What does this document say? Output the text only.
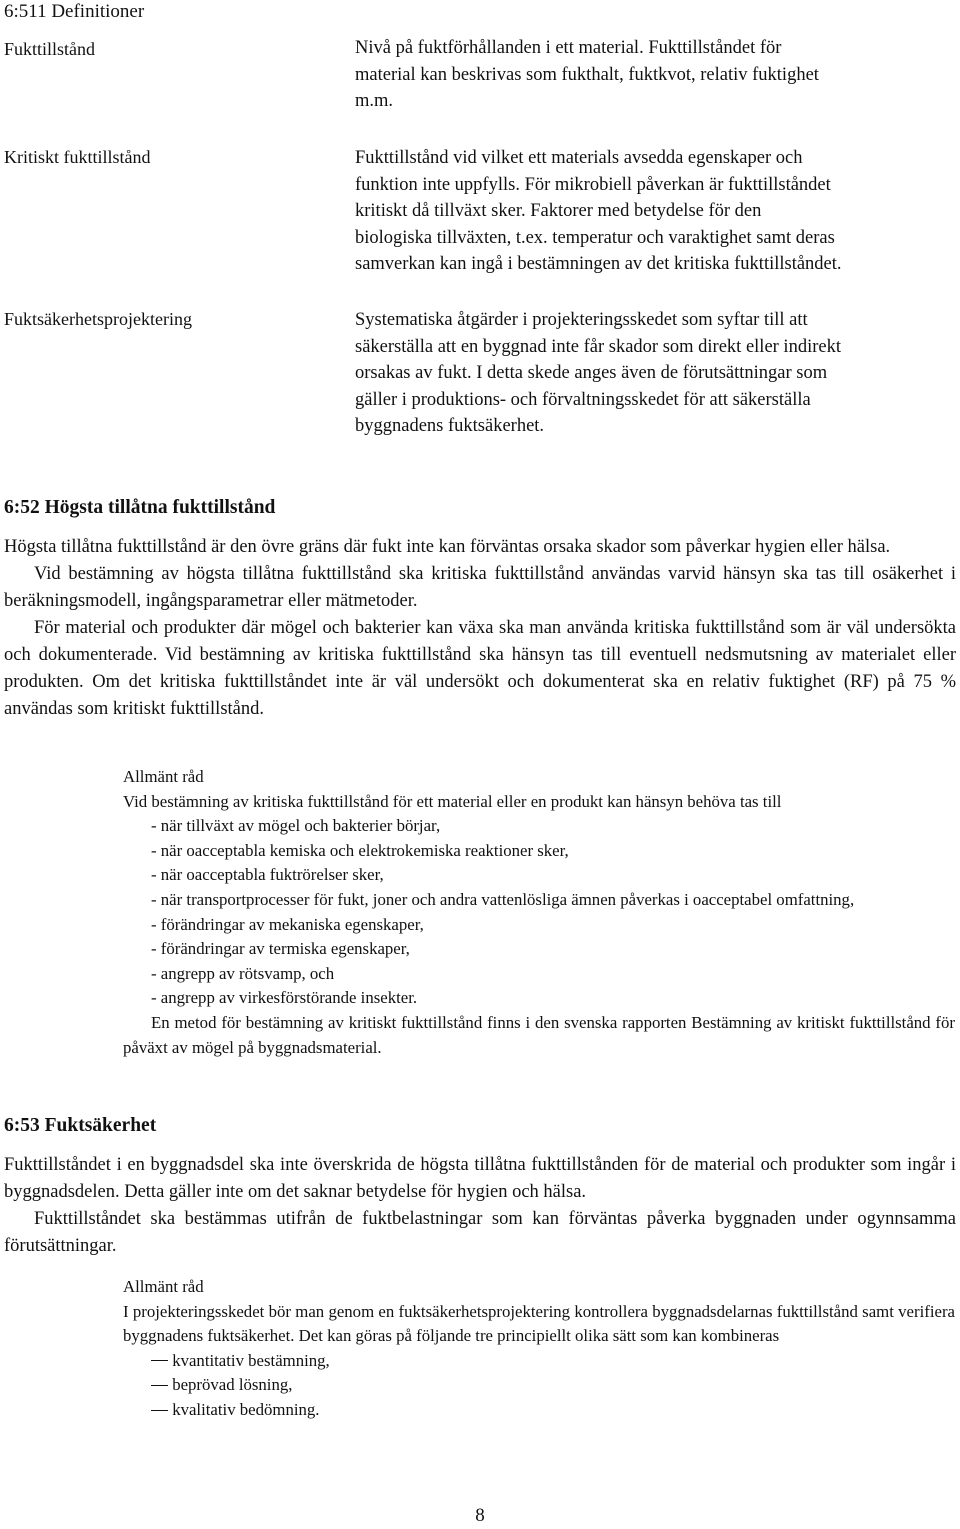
6:511 Definitioner
Fukttillstånd	Nivå på fuktförhållanden i ett material. Fukttillståndet för
material kan beskrivas som fukthalt, fuktkvot, relativ fuktighet
m.m.
Kritiskt fukttillstånd	Fukttillstånd vid vilket ett materials avsedda egenskaper och
funktion inte uppfylls. För mikrobiell påverkan är fukttillståndet
kritiskt då tillväxt sker. Faktorer med betydelse för den
biologiska tillväxten, t.ex. temperatur och varaktighet samt deras
samverkan kan ingå i bestämningen av det kritiska fukttillståndet.
Fuktsäkerhetsprojektering	Systematiska åtgärder i projekteringsskedet som syftar till att
säkerställa att en byggnad inte får skador som direkt eller indirekt
orsakas av fukt. I detta skede anges även de förutsättningar som
gäller i produktions- och förvaltningsskedet för att säkerställa
byggnadens fuktsäkerhet.
6:52 Högsta tillåtna fukttillstånd

Högsta tillåtna fukttillstånd är den övre gräns där fukt inte kan förväntas orsaka skador som påverkar hygien eller hälsa.

Vid bestämning av högsta tillåtna fukttillstånd ska kritiska fukttillstånd användas varvid hänsyn ska tas till osäkerhet i beräkningsmodell, ingångsparametrar eller mätmetoder.

För material och produkter där mögel och bakterier kan växa ska man använda kritiska fukttillstånd som är väl undersökta och dokumenterade. Vid bestämning av kritiska fukttillstånd ska hänsyn tas till eventuell nedsmutsning av materialet eller produkten. Om det kritiska fukttillståndet inte är väl undersökt och dokumenterat ska en relativ fuktighet (RF) på 75 % användas som kritiskt fukttillstånd.

Allmänt råd

Vid bestämning av kritiska fukttillstånd för ett material eller en produkt kan hänsyn behöva tas till

- när tillväxt av mögel och bakterier börjar,

- när oacceptabla kemiska och elektrokemiska reaktioner sker,

- när oacceptabla fuktrörelser sker,

- när transportprocesser för fukt, joner och andra vattenlösliga ämnen påverkas i oacceptabel omfattning,

- förändringar av mekaniska egenskaper,

- förändringar av termiska egenskaper,

- angrepp av rötsvamp, och

- angrepp av virkesförstörande insekter.

En metod för bestämning av kritiskt fukttillstånd finns i den svenska rapporten Bestämning av kritiskt fukttillstånd för påväxt av mögel på byggnadsmaterial.

6:53 Fuktsäkerhet

Fukttillståndet i en byggnadsdel ska inte överskrida de högsta tillåtna fukttillstånden för de material och produkter som ingår i byggnadsdelen. Detta gäller inte om det saknar betydelse för hygien och hälsa.

Fukttillståndet ska bestämmas utifrån de fuktbelastningar som kan förväntas påverka byggnaden under ogynnsamma förutsättningar.

Allmänt råd

I projekteringsskedet bör man genom en fuktsäkerhetsprojektering kontrollera byggnadsdelarnas fukttillstånd samt verifiera byggnadens fuktsäkerhet. Det kan göras på följande tre principiellt olika sätt som kan kombineras

kvantitativ bestämning,

beprövad lösning,

kvalitativ bedömning.

8
